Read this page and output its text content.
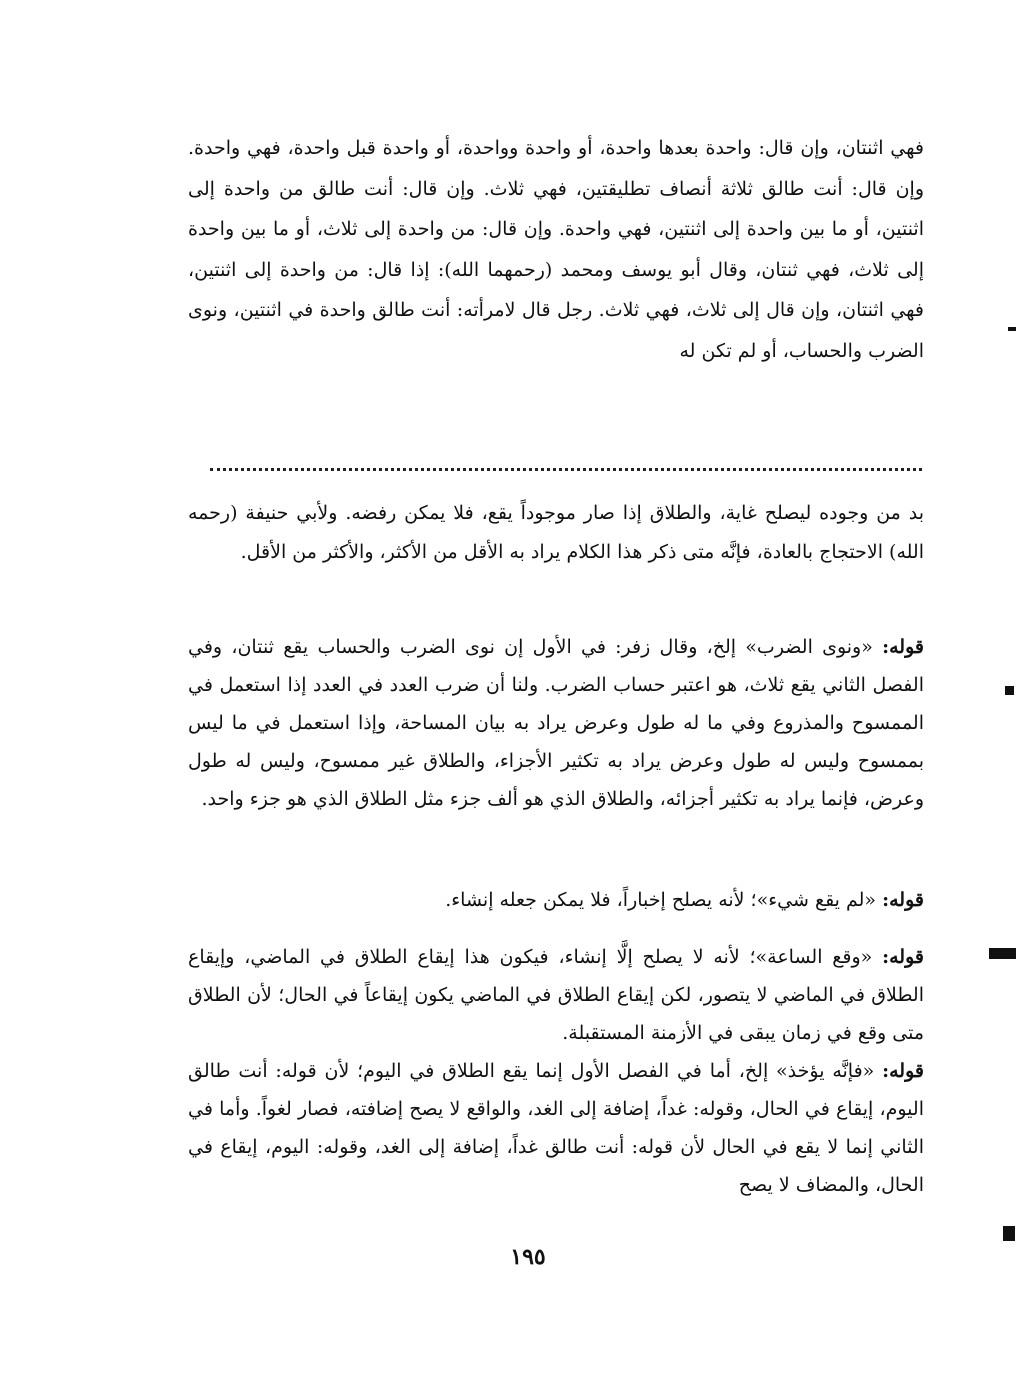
فهي اثنتان، وإن قال: واحدة بعدها واحدة، أو واحدة وواحدة، أو واحدة قبل واحدة، فهي واحدة. وإن قال: أنت طالق ثلاثة أنصاف تطليقتين، فهي ثلاث. وإن قال: أنت طالق من واحدة إلى اثنتين، أو ما بين واحدة إلى اثنتين، فهي واحدة. وإن قال: من واحدة إلى ثلاث، أو ما بين واحدة إلى ثلاث، فهي ثنتان، وقال أبو يوسف ومحمد (رحمهما الله): إذا قال: من واحدة إلى اثنتين، فهي اثنتان، وإن قال إلى ثلاث، فهي ثلاث. رجل قال لامرأته: أنت طالق واحدة في اثنتين، ونوى الضرب والحساب، أو لم تكن له

بد من وجوده ليصلح غاية، والطلاق إذا صار موجوداً يقع، فلا يمكن رفضه. ولأبي حنيفة (رحمه الله) الاحتجاج بالعادة، فإنَّه متى ذكر هذا الكلام يراد به الأقل من الأكثر، والأكثر من الأقل.

قوله: «ونوى الضرب» إلخ، وقال زفر: في الأول إن نوى الضرب والحساب يقع ثنتان، وفي الفصل الثاني يقع ثلاث، هو اعتبر حساب الضرب. ولنا أن ضرب العدد في العدد إذا استعمل في الممسوح والمذروع وفي ما له طول وعرض يراد به بيان المساحة، وإذا استعمل في ما ليس بممسوح وليس له طول وعرض يراد به تكثير الأجزاء، والطلاق غير ممسوح، وليس له طول وعرض، فإنما يراد به تكثير أجزائه، والطلاق الذي هو ألف جزء مثل الطلاق الذي هو جزء واحد.

قوله: «لم يقع شيء»؛ لأنه يصلح إخباراً، فلا يمكن جعله إنشاء.

قوله: «وقع الساعة»؛ لأنه لا يصلح إلَّا إنشاء، فيكون هذا إيقاع الطلاق في الماضي، وإيقاع الطلاق في الماضي لا يتصور، لكن إيقاع الطلاق في الماضي يكون إيقاعاً في الحال؛ لأن الطلاق متى وقع في زمان يبقى في الأزمنة المستقبلة.

قوله: «فإنَّه يؤخذ» إلخ، أما في الفصل الأول إنما يقع الطلاق في اليوم؛ لأن قوله: أنت طالق اليوم، إيقاع في الحال، وقوله: غداً، إضافة إلى الغد، والواقع لا يصح إضافته، فصار لغواً. وأما في الثاني إنما لا يقع في الحال لأن قوله: أنت طالق غداً، إضافة إلى الغد، وقوله: اليوم، إيقاع في الحال، والمضاف لا يصح

١٩٥
